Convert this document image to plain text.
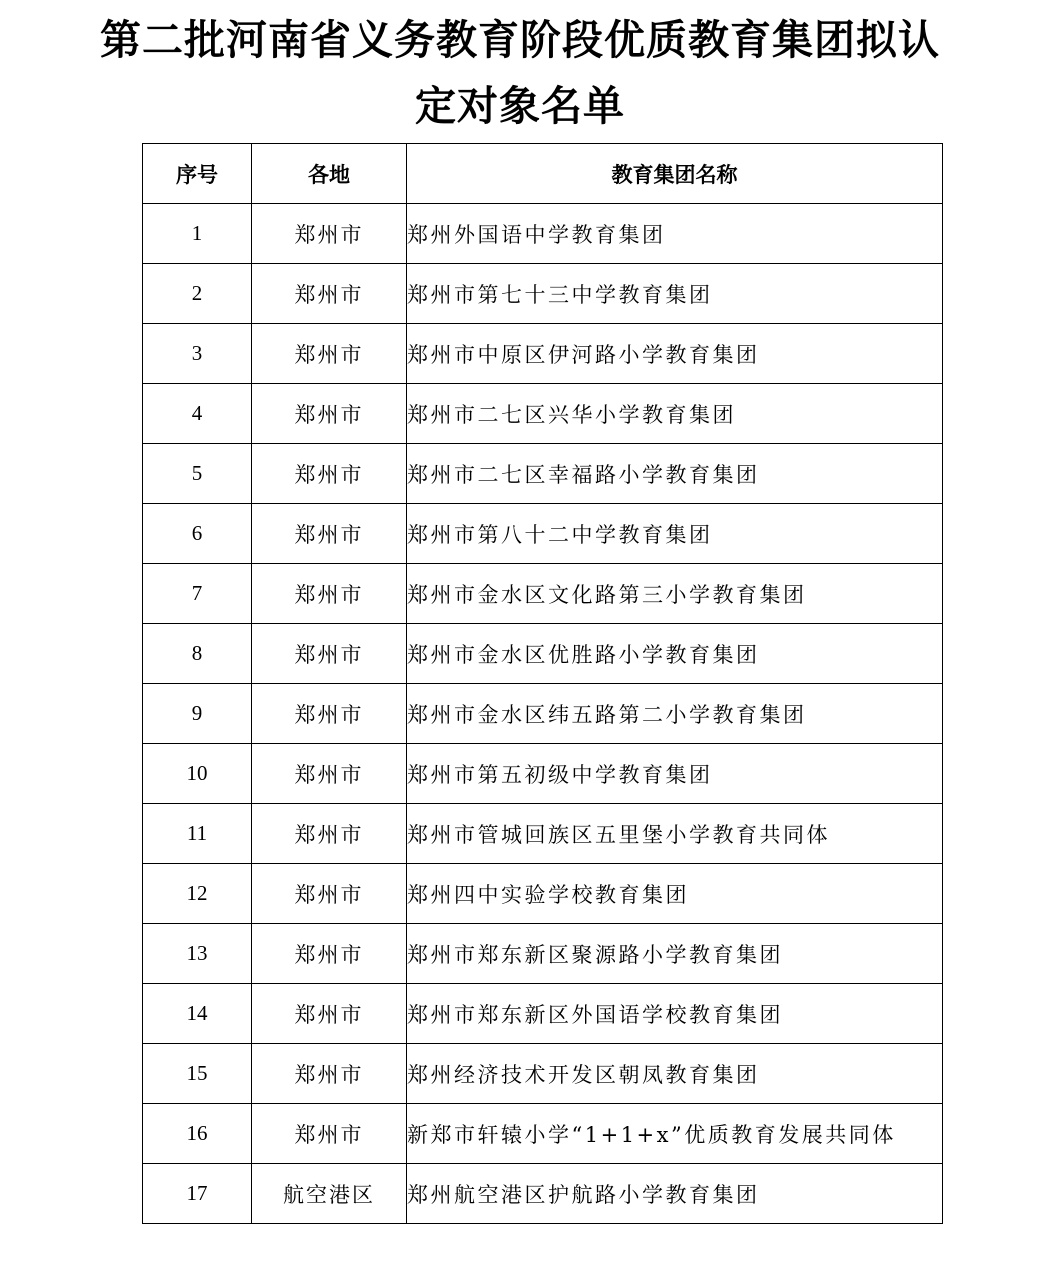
第二批河南省义务教育阶段优质教育集团拟认
定对象名单
序号	各地	教育集团名称
1	郑州市	郑州外国语中学教育集团
2	郑州市	郑州市第七十三中学教育集团
3	郑州市	郑州市中原区伊河路小学教育集团
4	郑州市	郑州市二七区兴华小学教育集团
5	郑州市	郑州市二七区幸福路小学教育集团
6	郑州市	郑州市第八十二中学教育集团
7	郑州市	郑州市金水区文化路第三小学教育集团
8	郑州市	郑州市金水区优胜路小学教育集团
9	郑州市	郑州市金水区纬五路第二小学教育集团
10	郑州市	郑州市第五初级中学教育集团
11	郑州市	郑州市管城回族区五里堡小学教育共同体
12	郑州市	郑州四中实验学校教育集团
13	郑州市	郑州市郑东新区聚源路小学教育集团
14	郑州市	郑州市郑东新区外国语学校教育集团
15	郑州市	郑州经济技术开发区朝凤教育集团
16	郑州市	新郑市轩辕小学“1+1+x”优质教育发展共同体
17	航空港区	郑州航空港区护航路小学教育集团
